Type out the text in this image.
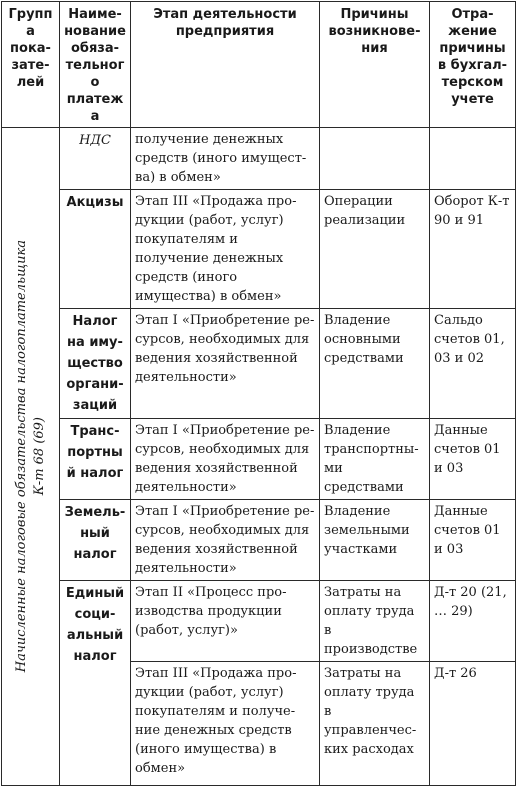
Группа пока-зате-лей	Наиме-нование обяза-тельного платежа	Этап деятельности предприятия	Причины возникнове-ния	Отра-жение причины в бухгал-терском учете

Начисленные налоговые обязательства налогоплательщика
К-т 68 (69)	НДС	получение денежных средств (иного имущест-ва) в обмен»		
	Акцизы	Этап III «Продажа про-дукции (работ, услуг) покупателям и получение денежных средств (иного имущества) в обмен»	Операции реализации	Оборот К-т 90 и 91
	Налог на иму-щество органи-заций	Этап I «Приобретение ре-сурсов, необходимых для ведения хозяйственной деятельности»	Владение основными средствами	Сальдо счетов 01, 03 и 02
	Транс-портный налог	Этап I «Приобретение ре-сурсов, необходимых для ведения хозяйственной деятельности»	Владение транспортны-ми средствами	Данные счетов 01 и 03
	Земель-ный налог	Этап I «Приобретение ре-сурсов, необходимых для ведения хозяйственной деятельности»	Владение земельными участками	Данные счетов 01 и 03
	Единый соци-альный налог	Этап II «Процесс про-изводства продукции (работ, услуг)»	Затраты на оплату труда в производстве	Д-т 20 (21, … 29)
		Этап III «Продажа про-дукции (работ, услуг) покупателям и получе-ние денежных средств (иного имущества) в обмен»	Затраты на оплату труда в управленчес-ких расходах	Д-т 26
